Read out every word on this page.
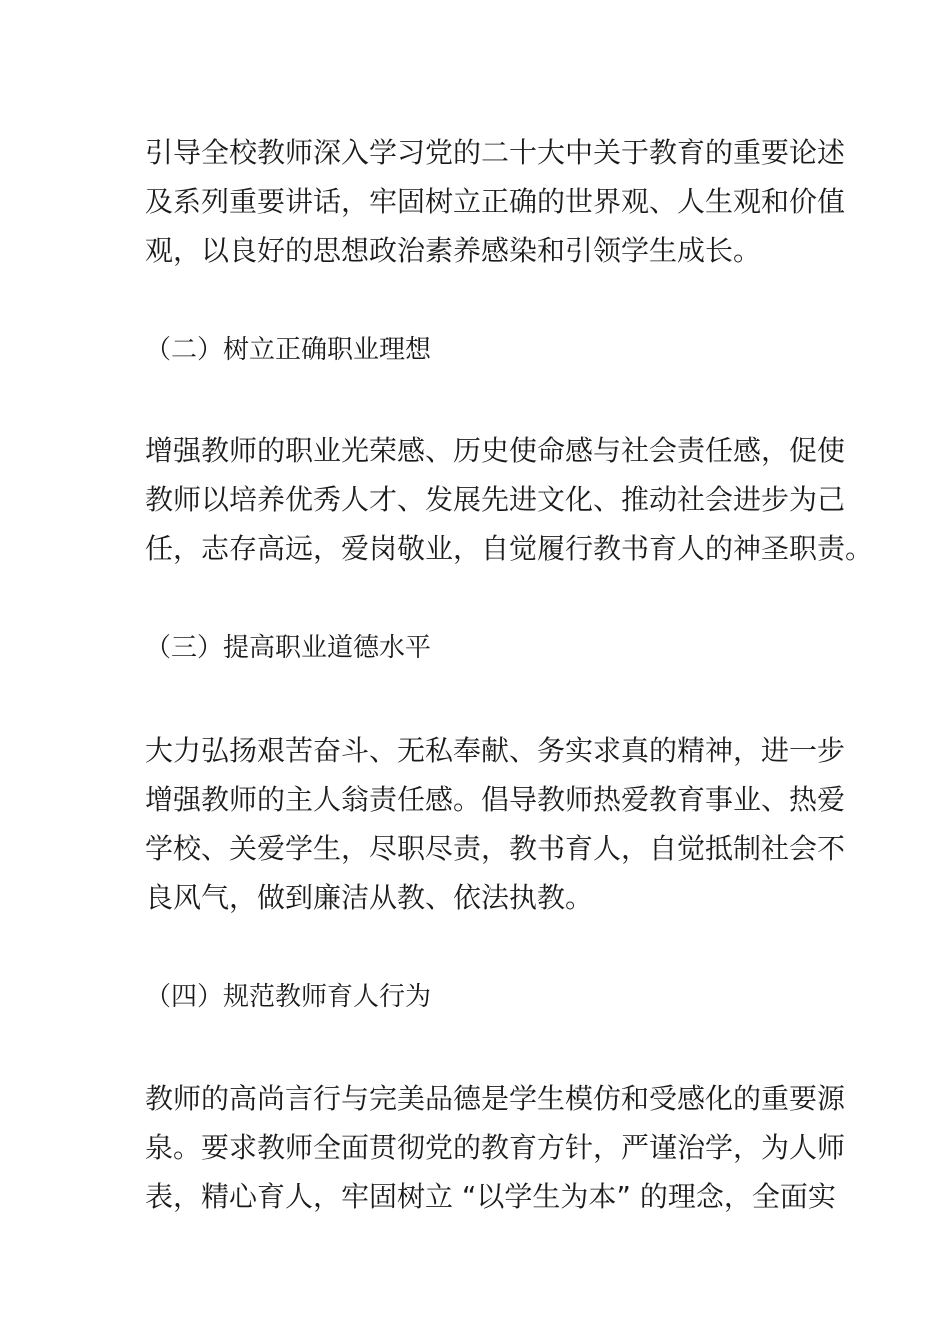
引导全校教师深入学习党的二十大中关于教育的重要论述
及系列重要讲话，牢固树立正确的世界观、人生观和价值
观，以良好的思想政治素养感染和引领学生成长。
（二）树立正确职业理想
增强教师的职业光荣感、历史使命感与社会责任感，促使
教师以培养优秀人才、发展先进文化、推动社会进步为己
任，志存高远，爱岗敬业，自觉履行教书育人的神圣职责。
（三）提高职业道德水平
大力弘扬艰苦奋斗、无私奉献、务实求真的精神，进一步
增强教师的主人翁责任感。倡导教师热爱教育事业、热爱
学校、关爱学生，尽职尽责，教书育人，自觉抵制社会不
良风气，做到廉洁从教、依法执教。
（四）规范教师育人行为
教师的高尚言行与完美品德是学生模仿和受感化的重要源
泉。要求教师全面贯彻党的教育方针，严谨治学，为人师
表，精心育人，牢固树立 “以学生为本” 的理念，全面实
